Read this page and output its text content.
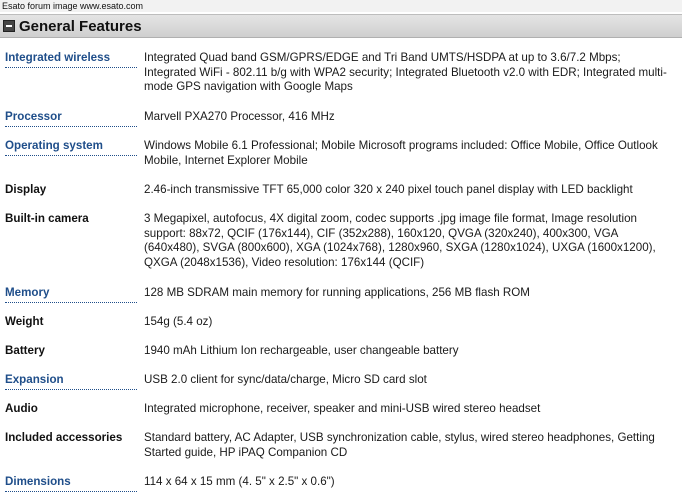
Esato forum image www.esato.com
General Features
Integrated wireless	Integrated Quad band GSM/GPRS/EDGE and Tri Band UMTS/HSDPA at up to 3.6/7.2 Mbps; Integrated WiFi - 802.11 b/g with WPA2 security; Integrated Bluetooth v2.0 with EDR; Integrated multi-mode GPS navigation with Google Maps
Processor	Marvell PXA270 Processor, 416 MHz
Operating system	Windows Mobile 6.1 Professional; Mobile Microsoft programs included: Office Mobile, Office Outlook Mobile, Internet Explorer Mobile
Display	2.46-inch transmissive TFT 65,000 color 320 x 240 pixel touch panel display with LED backlight
Built-in camera	3 Megapixel, autofocus, 4X digital zoom, codec supports .jpg image file format, Image resolution support: 88x72, QCIF (176x144), CIF (352x288), 160x120, QVGA (320x240), 400x300, VGA (640x480), SVGA (800x600), XGA (1024x768), 1280x960, SXGA (1280x1024), UXGA (1600x1200), QXGA (2048x1536), Video resolution: 176x144 (QCIF)
Memory	128 MB SDRAM main memory for running applications, 256 MB flash ROM
Weight	154g (5.4 oz)
Battery	1940 mAh Lithium Ion rechargeable, user changeable battery
Expansion	USB 2.0 client for sync/data/charge, Micro SD card slot
Audio	Integrated microphone, receiver, speaker and mini-USB wired stereo headset
Included accessories	Standard battery, AC Adapter, USB synchronization cable, stylus, wired stereo headphones, Getting Started guide, HP iPAQ Companion CD
Dimensions	114 x 64 x 15 mm (4. 5" x 2.5" x 0.6")
